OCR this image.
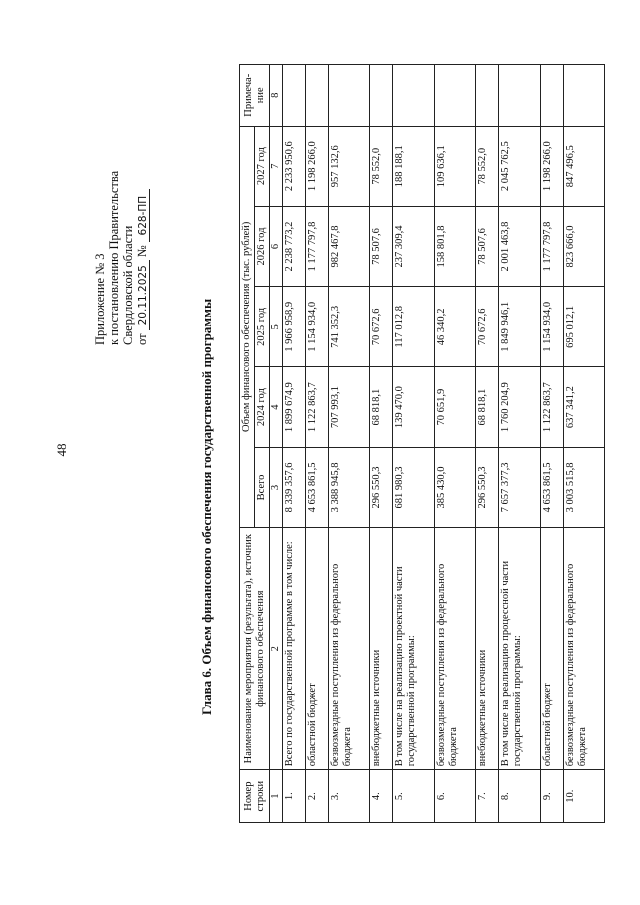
48
Приложение № 3 к постановлению Правительства Свердловской области от 20.11.2025 № 628-ПП
Глава 6. Объем финансового обеспечения государственной программы
Номер строки	Наименование мероприятия (результата), источник финансового обеспечения	Объем финансового обеспечения (тыс. рублей)					Примеча-ние
		Всего	2024 год	2025 год	2026 год	2027 год	
1	2	3	4	5	6	7	8
1.	Всего по государственной программе в том числе:	8 339 357,6	1 899 674,9	1 966 958,9	2 238 773,2	2 233 950,6	
2.	областной бюджет	4 653 861,5	1 122 863,7	1 154 934,0	1 177 797,8	1 198 266,0	
3.	безвозмездные поступления из федерального бюджета	3 388 945,8	707 993,1	741 352,3	982 467,8	957 132,6	
4.	внебюджетные источники	296 550,3	68 818,1	70 672,6	78 507,6	78 552,0	
5.	В том числе на реализацию проектной части государственной программы:	681 980,3	139 470,0	117 012,8	237 309,4	188 188,1	
6.	безвозмездные поступления из федерального бюджета	385 430,0	70 651,9	46 340,2	158 801,8	109 636,1	
7.	внебюджетные источники	296 550,3	68 818,1	70 672,6	78 507,6	78 552,0	
8.	В том числе на реализацию процессной части государственной программы:	7 657 377,3	1 760 204,9	1 849 946,1	2 001 463,8	2 045 762,5	
9.	областной бюджет	4 653 861,5	1 122 863,7	1 154 934,0	1 177 797,8	1 198 266,0	
10.	безвозмездные поступления из федерального бюджета	3 003 515,8	637 341,2	695 012,1	823 666,0	847 496,5	
